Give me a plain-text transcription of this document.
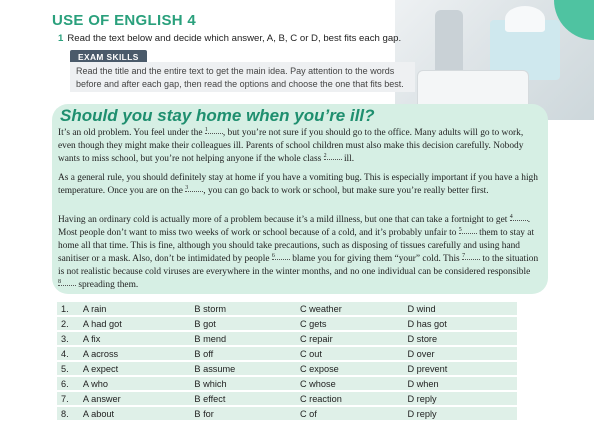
USE OF ENGLISH 4
1 Read the text below and decide which answer, A, B, C or D, best fits each gap.
EXAM SKILLS
Read the title and the entire text to get the main idea. Pay attention to the words
before and after each gap, then read the options and choose the one that fits best.
Should you stay home when you’re ill?

It’s an old problem. You feel under the 1 , but you’re not sure if you should go to the office. Many adults will go to work, even though they might make their colleagues ill. Parents of school children must also make this decision carefully. Nobody wants to miss school, but you’re not helping anyone if the whole class 2 ill.

As a general rule, you should definitely stay at home if you have a vomiting bug. This is especially important if you have a high temperature. Once you are on the 3 , you can go back to work or school, but make sure you’re really better first.

Having an ordinary cold is actually more of a problem because it’s a mild illness, but one that can take a fortnight to get 4 . Most people don’t want to miss two weeks of work or school because of a cold, and it’s probably unfair to 5 them to stay at home all that time. This is fine, although you should take precautions, such as disposing of tissues carefully and using hand sanitiser or a mask. Also, don’t be intimidated by people 6 blame you for giving them “your” cold. This 7 to the situation is not realistic because cold viruses are everywhere in the winter months, and no one individual can be considered responsible 8 spreading them.

1.	A rain	B storm	C weather	D wind
2.	A had got	B got	C gets	D has got
3.	A fix	B mend	C repair	D store
4.	A across	B off	C out	D over
5.	A expect	B assume	C expose	D prevent
6.	A who	B which	C whose	D when
7.	A answer	B effect	C reaction	D reply
8.	A about	B for	C of	D reply
